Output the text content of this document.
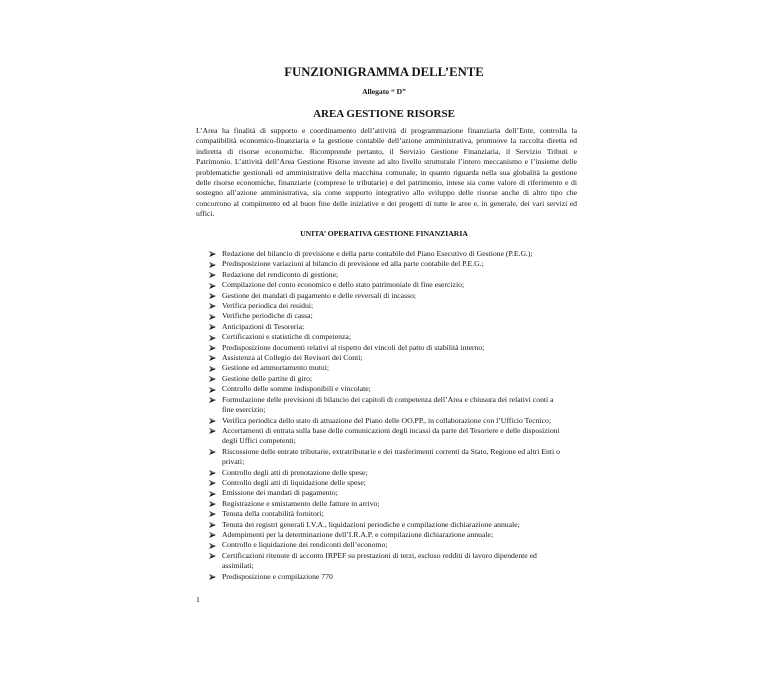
FUNZIONIGRAMMA DELL’ENTE
Allegato “ D”
AREA GESTIONE RISORSE
L’Area ha finalità di supporto e coordinamento dell’attività di programmazione finanziaria dell’Ente, controlla la
compatibilità economico-finanziaria e la gestione contabile dell’azione amministrativa, promuove la raccolta diretta ed
indiretta di risorse economiche. Ricomprende pertanto, il Servizio Gestione Finanziaria, il Servizio Tributi e
Patrimonio. L’attività dell’Area Gestione Risorse investe ad alto livello strutturale l’intero meccanismo e l’insieme delle
problematiche gestionali ed amministrative della macchina comunale, in quanto riguarda nella sua globalità la gestione
delle risorse economiche, finanziarie (comprese le tributarie) e del patrimonio, intese sia come valore di riferimento e di
sostegno all’azione amministrativa, sia come supporto integrativo allo sviluppo delle risorse anche di altro tipo che
concorrono al compimento ed al buon fine delle iniziative e dei progetti di tutte le aree e, in generale, dei vari servizi ed
uffici.
UNITA’ OPERATIVA GESTIONE FINANZIARIA
Redazione del bilancio di previsione e della parte contabile del Piano Esecutivo di Gestione (P.E.G.);
Predisposizione variazioni al bilancio di previsione ed alla parte contabile del P.E.G.;
Redazione del rendiconto di gestione;
Compilazione del conto economico e dello stato patrimoniale di fine esercizio;
Gestione dei mandati di pagamento e delle reversali di incasso;
Verifica periodica dei residui;
Verifiche periodiche di cassa;
Anticipazioni di Tesoreria;
Certificazioni e statistiche di competenza;
Predisposizione documenti relativi al rispetto dei vincoli del patto di stabilità interno;
Assistenza al Collegio dei Revisori dei Conti;
Gestione ed ammortamento mutui;
Gestione delle partite di giro;
Controllo delle somme indisponibili e vincolate;
Formulazione delle previsioni di bilancio dei capitoli di competenza dell’Area e chiusura dei relativi conti a
fine esercizio;
Verifica periodica dello stato di attuazione del Piano delle OO.PP., in collaborazione con l’Ufficio Tecnico;
Accertamenti di entrata sulla base delle comunicazioni degli incassi da parte del Tesoriere e delle disposizioni
degli Uffici competenti;
Riscossione delle entrate tributarie, extratributarie e dei trasferimenti correnti da Stato, Regione ed altri Enti o
privati;
Controllo degli atti di prenotazione delle spese;
Controllo degli atti di liquidazione delle spese;
Emissione dei mandati di pagamento;
Registrazione e smistamento delle fatture in arrivo;
Tenuta della contabilità fornitori;
Tenuta dei registri generali I.V.A., liquidazioni periodiche e compilazione dichiarazione annuale;
Adempimenti per la determinazione dell’I.R.A.P. e compilazione dichiarazione annuale;
Controllo e liquidazione dei rendiconti dell’economo;
Certificazioni ritenute di acconto IRPEF su prestazioni di terzi, escluso redditi di lavoro dipendente ed
assimilati;
Predisposizione e compilazione 770
1
